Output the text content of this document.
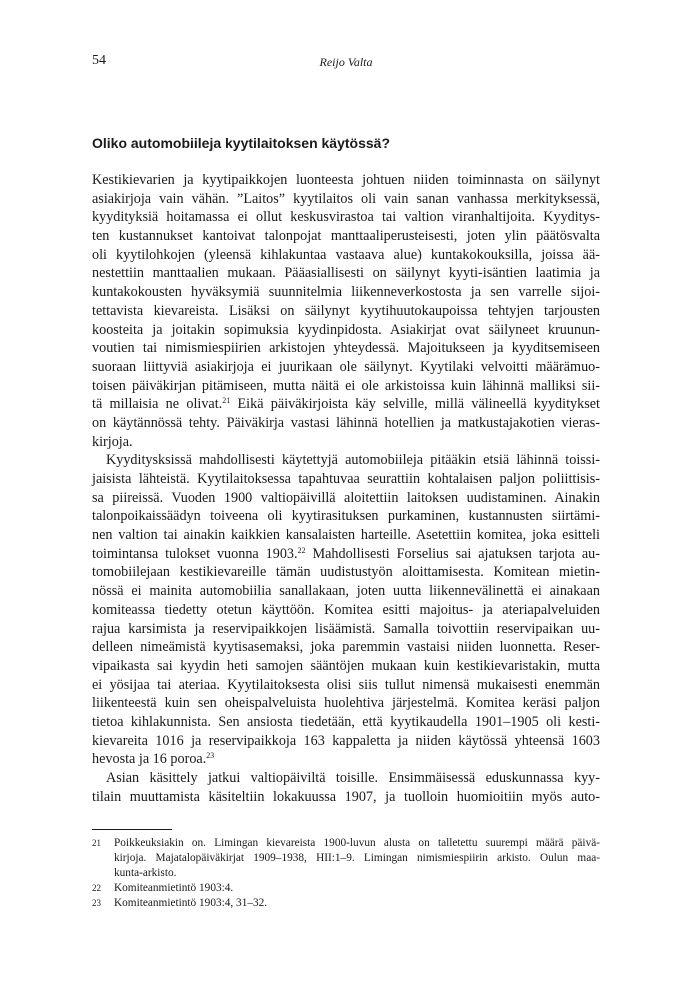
54	Reijo Valta
Oliko automobiileja kyytilaitoksen käytössä?
Kestikievarien ja kyytipaikkojen luonteesta johtuen niiden toiminnasta on säilynyt
asiakirjoja vain vähän. ”Laitos” kyytilaitos oli vain sanan vanhassa merkityksessä,
kyydityksiä hoitamassa ei ollut keskusvirastoa tai valtion viranhaltijoita. Kyyditys-
ten kustannukset kantoivat talonpojat manttaaliperusteisesti, joten ylin päätösvalta
oli kyytilohkojen (yleensä kihlakuntaa vastaava alue) kuntakokouksilla, joissa ää-
nestettiin manttaalien mukaan. Pääasiallisesti on säilynyt kyyti-isäntien laatimia ja
kuntakokousten hyväksymiä suunnitelmia liikenneverkostosta ja sen varrelle sijoi-
tettavista kievareista. Lisäksi on säilynyt kyytihuutokaupoissa tehtyjen tarjousten
koosteita ja joitakin sopimuksia kyydinpidosta. Asiakirjat ovat säilyneet kruunun-
voutien tai nimismiespiirien arkistojen yhteydessä. Majoitukseen ja kyyditsemiseen
suoraan liittyviä asiakirjoja ei juurikaan ole säilynyt. Kyytilaki velvoitti määrämuo-
toisen päiväkirjan pitämiseen, mutta näitä ei ole arkistoissa kuin lähinnä malliksi sii-
tä millaisia ne olivat.$^{21}$ Eikä päiväkirjoista käy selville, millä välineellä kyyditykset
on käytännössä tehty. Päiväkirja vastasi lähinnä hotellien ja matkustajakotien vieras-
kirjoja.
Kyyditysksissä mahdollisesti käytettyjä automobiileja pitääkin etsiä lähinnä toissi-
jaisista lähteistä. Kyytilaitoksessa tapahtuvaa seurattiin kohtalaisen paljon poliittisis-
sa piireissä. Vuoden 1900 valtiopäivillä aloitettiin laitoksen uudistaminen. Ainakin
talonpoikaissäädyn toiveena oli kyytirasituksen purkaminen, kustannusten siirtämi-
nen valtion tai ainakin kaikkien kansalaisten harteille. Asetettiin komitea, joka esitteli
toimintansa tulokset vuonna 1903.22 Mahdollisesti Forselius sai ajatuksen tarjota au-
tomobiilejaan kestikievareille tämän uudistustyön aloittamisesta. Komitean mietin-
nössä ei mainita automobiilia sanallakaan, joten uutta liikennevälinettä ei ainakaan
komiteassa tiedetty otetun käyttöön. Komitea esitti majoitus- ja ateriapalveluiden
rajua karsimista ja reservipaikkojen lisäämistä. Samalla toivottiin reservipaikan uu-
delleen nimeämistä kyytisasemaksi, joka paremmin vastaisi niiden luonnetta. Reser-
vipaikasta sai kyydin heti samojen sääntöjen mukaan kuin kestikievaristakin, mutta
ei yösijaa tai ateriaa. Kyytilaitoksesta olisi siis tullut nimensä mukaisesti enemmän
liikenteestä kuin sen oheispalveluista huolehtiva järjestelmä. Komitea keräsi paljon
tietoa kihlakunnista. Sen ansiosta tiedetään, että kyytikaudella 1901–1905 oli kesti-
kievareita 1016 ja reservipaikkoja 163 kappaletta ja niiden käytössä yhteensä 1603
hevosta ja 16 poroa.$^{23}$
Asian käsittely jatkui valtiopäiviltä toisille. Ensimmäisessä eduskunnassa kyy-
tilain muuttamista käsiteltiin lokakuussa 1907, ja tuolloin huomioitiin myös auto-
21 Poikkeuksiakin on. Limingan kievareista 1900-luvun alusta on talletettu suurempi määrä päivä-
kirjoja. Majatalopäiväkirjat 1909–1938, HII:1–9. Limingan nimismiespiirin arkisto. Oulun maa-
kunta-arkisto.
22 Komiteanmietintö 1903:4.
23 Komiteanmietintö 1903:4, 31–32.
